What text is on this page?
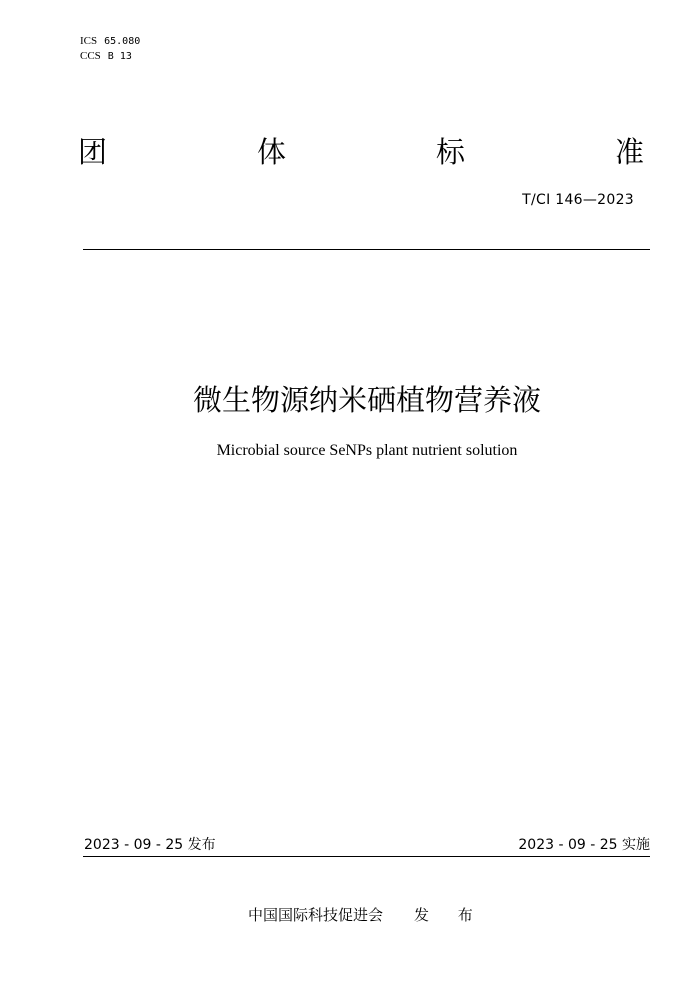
ICS 65.080
CCS B 13
团	体	标	准
T/CI 146—2023
微生物源纳米硒植物营养液
Microbial source SeNPs plant nutrient solution
2023 - 09 - 25 发布	2023 - 09 - 25 实施
中国国际科技促进会 发 布
